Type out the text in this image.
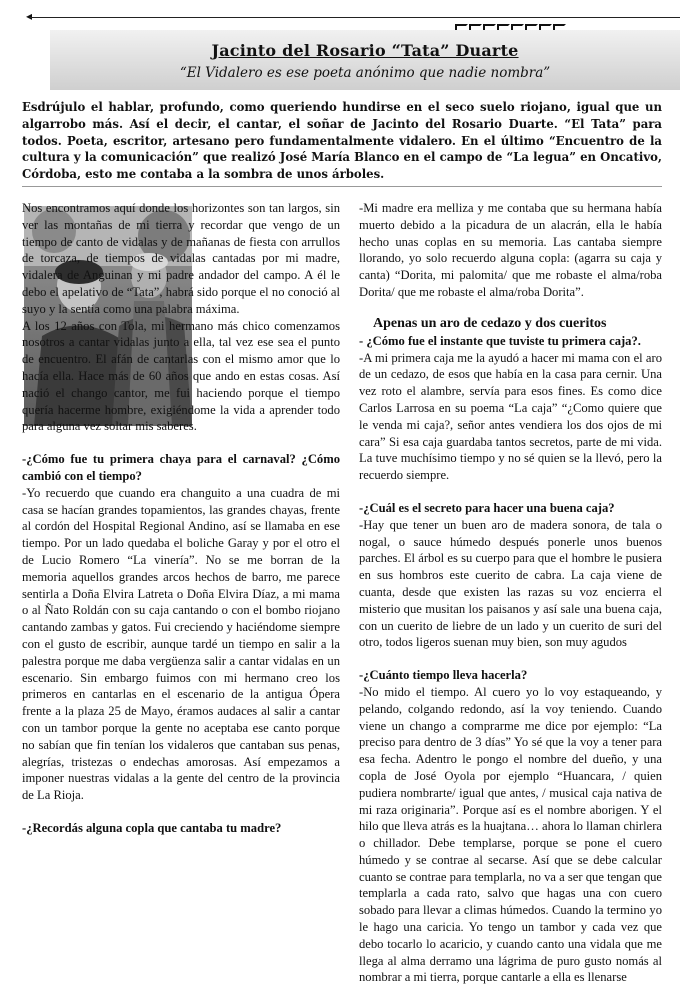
◂
Jacinto del Rosario “Tata” Duarte
“El Vidalero es ese poeta anónimo que nadie nombra”
Esdrújulo el hablar, profundo, como queriendo hundirse en el seco suelo riojano, igual que un algarrobo más. Así el decir, el cantar, el soñar de Jacinto del Rosario Duarte. “El Tata” para todos. Poeta, escritor, artesano pero fundamentalmente vidalero. En el último “Encuentro de la cultura y la comunicación” que realizó José María Blanco en el campo de “La legua” en Oncativo, Córdoba, esto me contaba a la sombra de unos árboles.

Nos encontramos aquí donde los horizontes son tan largos, sin ver las montañas de mi tierra y recordar que vengo de un tiempo de canto de vidalas y de mañanas de fiesta con arrullos de torcaza, de tiempos de vidalas cantadas por mi madre, vidalera de Anguinan y mi padre andador del campo. A él le debo el apelativo de “Tata”, habrá sido porque el no conoció al suyo y la sentía como una palabra máxima.

A los 12 años con Tola, mi hermano más chico comenzamos nosotros a cantar vidalas junto a ella, tal vez ese sea el punto de encuentro. El afán de cantarlas con el mismo amor que lo hacía ella. Hace más de 60 años que ando en estas cosas. Así nació el chango cantor, me fui haciendo porque el tiempo quería hacerme hombre, exigiéndome la vida a aprender todo para alguna vez soltar mis saberes.

-¿Cómo fue tu primera chaya para el carnaval? ¿Cómo cambió con el tiempo?

-Yo recuerdo que cuando era changuito a una cuadra de mi casa se hacían grandes topamientos, las grandes chayas, frente al cordón del Hospital Regional Andino, así se llamaba en ese tiempo. Por un lado quedaba el boliche Garay y por el otro el de Lucio Romero “La vinería”. No se me borran de la memoria aquellos grandes arcos hechos de barro, me parece sentirla a Doña Elvira Latreta o Doña Elvira Díaz, a mi mama o al Ñato Roldán con su caja cantando o con el bombo riojano cantando zambas y gatos. Fui creciendo y haciéndome siempre con el gusto de escribir, aunque tardé un tiempo en salir a la palestra porque me daba vergüenza salir a cantar vidalas en un escenario. Sin embargo fuimos con mi hermano creo los primeros en cantarlas en el escenario de la antigua Ópera frente a la plaza 25 de Mayo, éramos audaces al salir a cantar con un tambor porque la gente no aceptaba ese canto porque no sabían que fin tenían los vidaleros que cantaban sus penas, alegrías, tristezas o endechas amorosas. Así empezamos a imponer nuestras vidalas a la gente del centro de la provincia de La Rioja.

-¿Recordás alguna copla que cantaba tu madre?

-Mi madre era melliza y me contaba que su hermana había muerto debido a la picadura de un alacrán, ella le había hecho unas coplas en su memoria. Las cantaba siempre llorando, yo solo recuerdo alguna copla: (agarra su caja y canta) “Dorita, mi palomita/ que me robaste el alma/roba Dorita/ que me robaste el alma/roba Dorita”.

Apenas un aro de cedazo y dos cueritos

- ¿Cómo fue el instante que tuviste tu primera caja?.

-A mi primera caja me la ayudó a hacer mi mama con el aro de un cedazo, de esos que había en la casa para cernir. Una vez roto el alambre, servía para esos fines. Es como dice Carlos Larrosa en su poema “La caja” “¿Como quiere que le venda mi caja?, señor antes vendiera los dos ojos de mi cara” Si esa caja guardaba tantos secretos, parte de mi vida. La tuve muchísimo tiempo y no sé quien se la llevó, pero la recuerdo siempre.

-¿Cuál es el secreto para hacer una buena caja?

-Hay que tener un buen aro de madera sonora, de tala o nogal, o sauce húmedo después ponerle unos buenos parches. El árbol es su cuerpo para que el hombre le pusiera en sus hombros este cuerito de cabra. La caja viene de cuanta, desde que existen las razas su voz encierra el misterio que musitan los paisanos y así sale una buena caja, con un cuerito de liebre de un lado y un cuerito de suri del otro, todos ligeros suenan muy bien, son muy agudos

-¿Cuánto tiempo lleva hacerla?

-No mido el tiempo. Al cuero yo lo voy estaqueando, y pelando, colgando redondo, así la voy teniendo. Cuando viene un chango a comprarme me dice por ejemplo: “La preciso para dentro de 3 días” Yo sé que la voy a tener para esa fecha. Adentro le pongo el nombre del dueño, y una copla de José Oyola por ejemplo “Huancara, / quien pudiera nombrarte/ igual que antes, / musical caja nativa de mi raza originaria”. Porque así es el nombre aborigen. Y el hilo que lleva atrás es la huajtana… ahora lo llaman chirlera o chillador. Debe templarse, porque se pone el cuero húmedo y se contrae al secarse. Así que se debe calcular cuanto se contrae para templarla, no va a ser que tengan que templarla a cada rato, salvo que hagas una con cuero sobado para llevar a climas húmedos. Cuando la termino yo le hago una caricia. Yo tengo un tambor y cada vez que debo tocarlo lo acaricio, y cuando canto una vidala que me llega al alma derramo una lágrima de puro gusto nomás al nombrar a mi tierra, porque cantarle a ella es llenarse
